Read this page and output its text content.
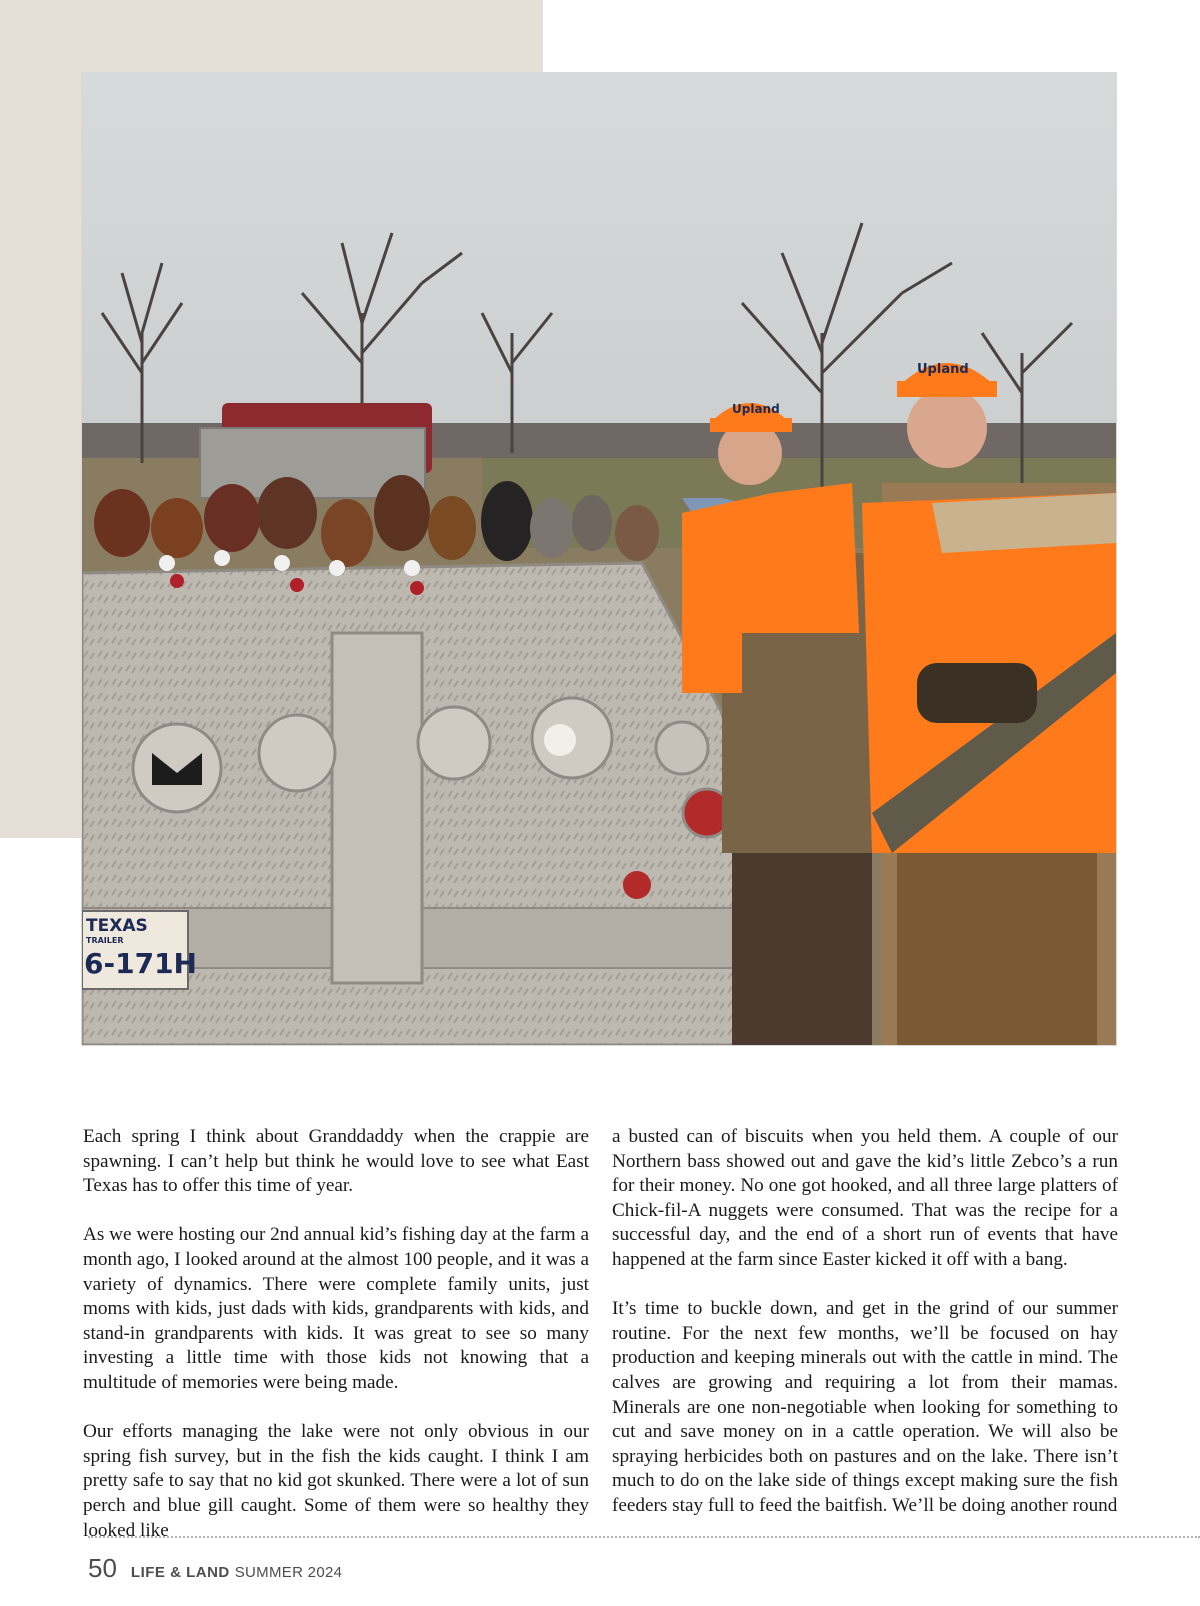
TEXAS
TRAILER
6-171H
Upland
Upland

Each spring I think about Granddaddy when the crappie are spawning. I can’t help but think he would love to see what East Texas has to offer this time of year.

As we were hosting our 2nd annual kid’s fishing day at the farm a month ago, I looked around at the almost 100 people, and it was a variety of dynamics. There were complete family units, just moms with kids, just dads with kids, grandparents with kids, and stand-in grandparents with kids. It was great to see so many investing a little time with those kids not knowing that a multitude of memories were being made.

Our efforts managing the lake were not only obvious in our spring fish survey, but in the fish the kids caught. I think I am pretty safe to say that no kid got skunked. There were a lot of sun perch and blue gill caught. Some of them were so healthy they looked like

a busted can of biscuits when you held them. A couple of our Northern bass showed out and gave the kid’s little Zebco’s a run for their money. No one got hooked, and all three large platters of Chick-fil-A nuggets were consumed. That was the recipe for a successful day, and the end of a short run of events that have happened at the farm since Easter kicked it off with a bang.

It’s time to buckle down, and get in the grind of our summer routine. For the next few months, we’ll be focused on hay production and keeping minerals out with the cattle in mind. The calves are growing and requiring a lot from their mamas. Minerals are one non-negotiable when looking for something to cut and save money on in a cattle operation. We will also be spraying herbicides both on pastures and on the lake. There isn’t much to do on the lake side of things except making sure the fish feeders stay full to feed the baitfish. We’ll be doing another round

50 LIFE & LAND SUMMER 2024
